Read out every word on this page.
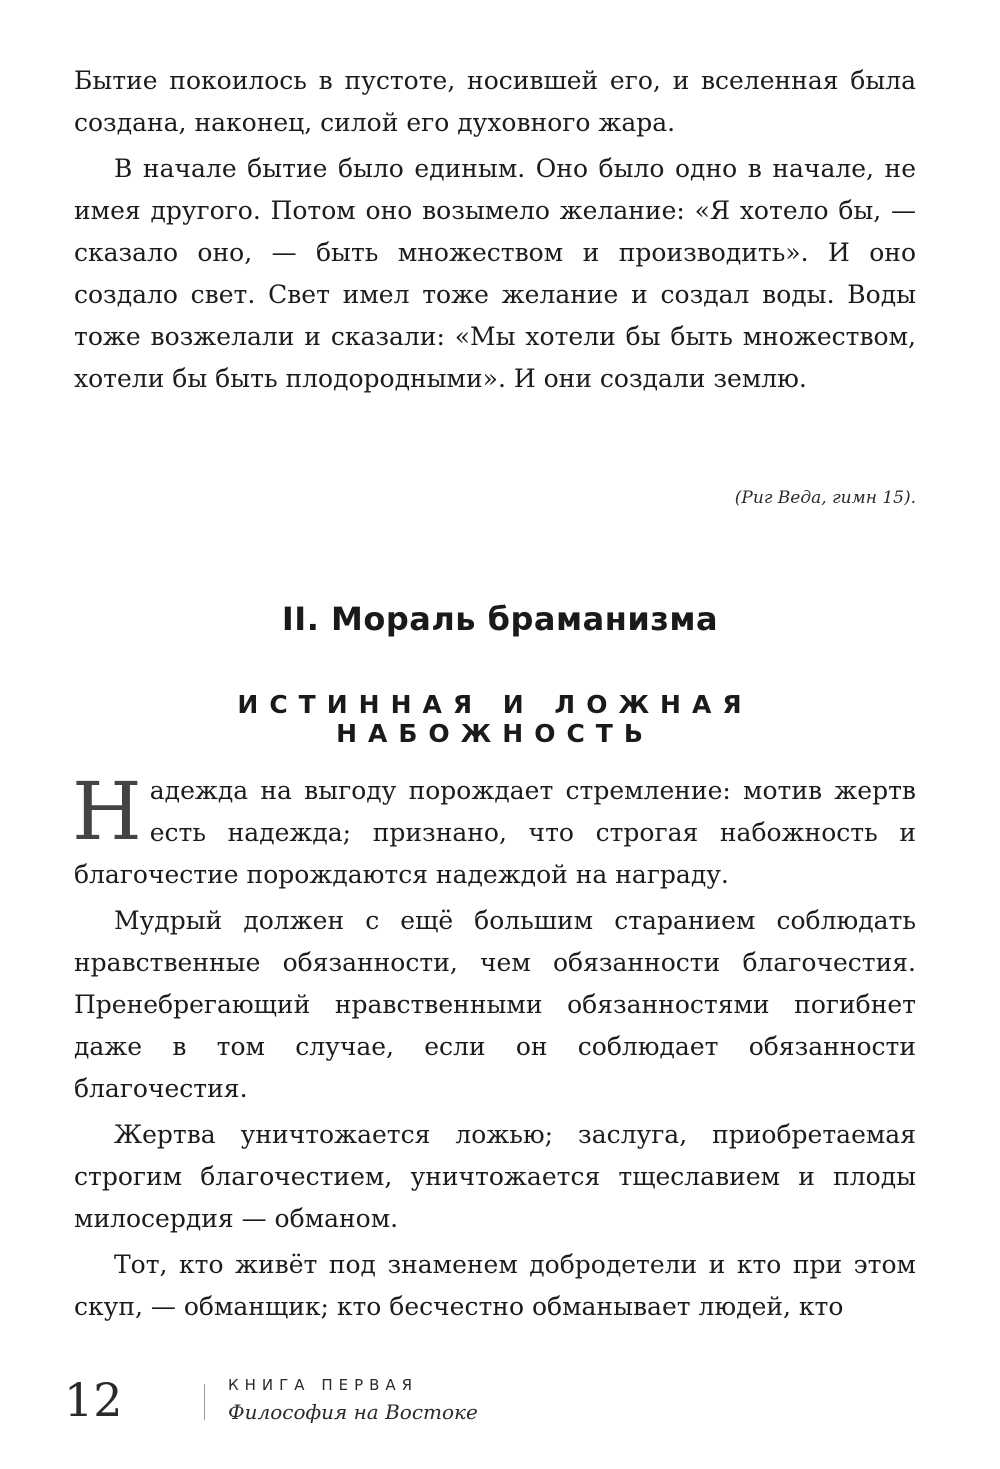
Бытие покоилось в пустоте, носившей его, и вселенная была создана, наконец, силой его духовного жара.

В начале бытие было единым. Оно было одно в начале, не имея другого. Потом оно возымело желание: «Я хотело бы, — сказало оно, — быть множеством и производить». И оно создало свет. Свет имел тоже желание и создал воды. Воды тоже возжелали и сказали: «Мы хотели бы быть множеством, хотели бы быть плодородными». И они создали землю.

(Риг Веда, гимн 15).
II. Мораль браманизма
ИСТИННАЯ И ЛОЖНАЯ НАБОЖНОСТЬ

Надежда на выгоду порождает стремление: мотив жертв есть надежда; признано, что строгая набожность и благочестие порождаются надеждой на награду.

Мудрый должен с ещё большим старанием соблюдать нравственные обязанности, чем обязанности благочестия. Пренебрегающий нравственными обязанностями погибнет даже в том случае, если он соблюдает обязанности благочестия.

Жертва уничтожается ложью; заслуга, приобретаемая строгим благочестием, уничтожается тщеславием и плоды милосердия — обманом.

Тот, кто живёт под знаменем добродетели и кто при этом скуп, — обманщик; кто бесчестно обманывает людей, кто

12	КНИГА ПЕРВАЯ
Философия на Востоке
